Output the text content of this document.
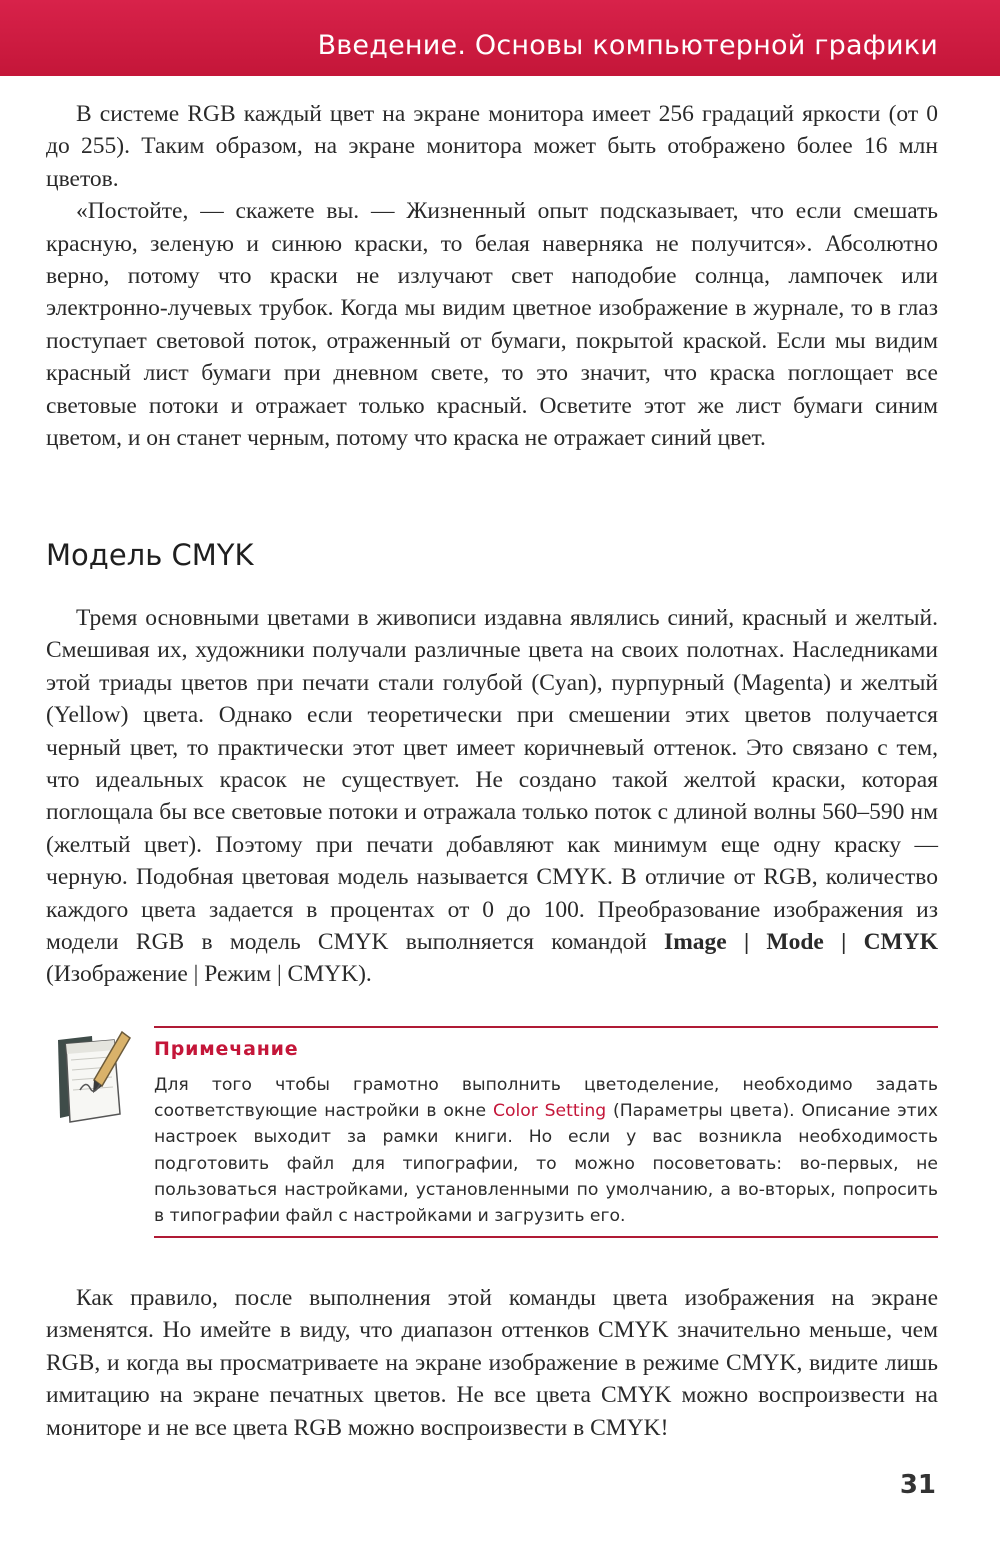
Введение. Основы компьютерной графики

В системе RGB каждый цвет на экране монитора имеет 256 градаций яркости (от 0 до 255). Таким образом, на экране монитора может быть отображено более 16 млн цветов.

«Постойте, — скажете вы. — Жизненный опыт подсказывает, что если смешать красную, зеленую и синюю краски, то белая наверняка не получится». Абсолютно верно, потому что краски не излучают свет наподобие солнца, лампочек или электронно-лучевых трубок. Когда мы видим цветное изображение в журнале, то в глаз поступает световой поток, отраженный от бумаги, покрытой краской. Если мы видим красный лист бумаги при дневном свете, то это значит, что краска поглощает все световые потоки и отражает только красный. Осветите этот же лист бумаги синим цветом, и он станет черным, потому что краска не отражает синий цвет.

Модель CMYK

Тремя основными цветами в живописи издавна являлись синий, красный и желтый. Смешивая их, художники получали различные цвета на своих полотнах. Наследниками этой триады цветов при печати стали голубой (Cyan), пурпурный (Magenta) и желтый (Yellow) цвета. Однако если теоретически при смешении этих цветов получается черный цвет, то практически этот цвет имеет коричневый оттенок. Это связано с тем, что идеальных красок не существует. Не создано такой желтой краски, которая поглощала бы все световые потоки и отражала только поток с длиной волны 560–590 нм (желтый цвет). Поэтому при печати добавляют как минимум еще одну краску — черную. Подобная цветовая модель называется CMYK. В отличие от RGB, количество каждого цвета задается в процентах от 0 до 100. Преобразование изображения из модели RGB в модель CMYK выполняется командой Image | Mode | CMYK (Изображение | Режим | CMYK).

Примечание

Для того чтобы грамотно выполнить цветоделение, необходимо задать соответствующие настройки в окне Color Setting (Параметры цвета). Описание этих настроек выходит за рамки книги. Но если у вас возникла необходимость подготовить файл для типографии, то можно посоветовать: во-первых, не пользоваться настройками, установленными по умолчанию, а во-вторых, попросить в типографии файл с настройками и загрузить его.

Как правило, после выполнения этой команды цвета изображения на экране изменятся. Но имейте в виду, что диапазон оттенков CMYK значительно меньше, чем RGB, и когда вы просматриваете на экране изображение в режиме CMYK, видите лишь имитацию на экране печатных цветов. Не все цвета CMYK можно воспроизвести на мониторе и не все цвета RGB можно воспроизвести в CMYK!

31
